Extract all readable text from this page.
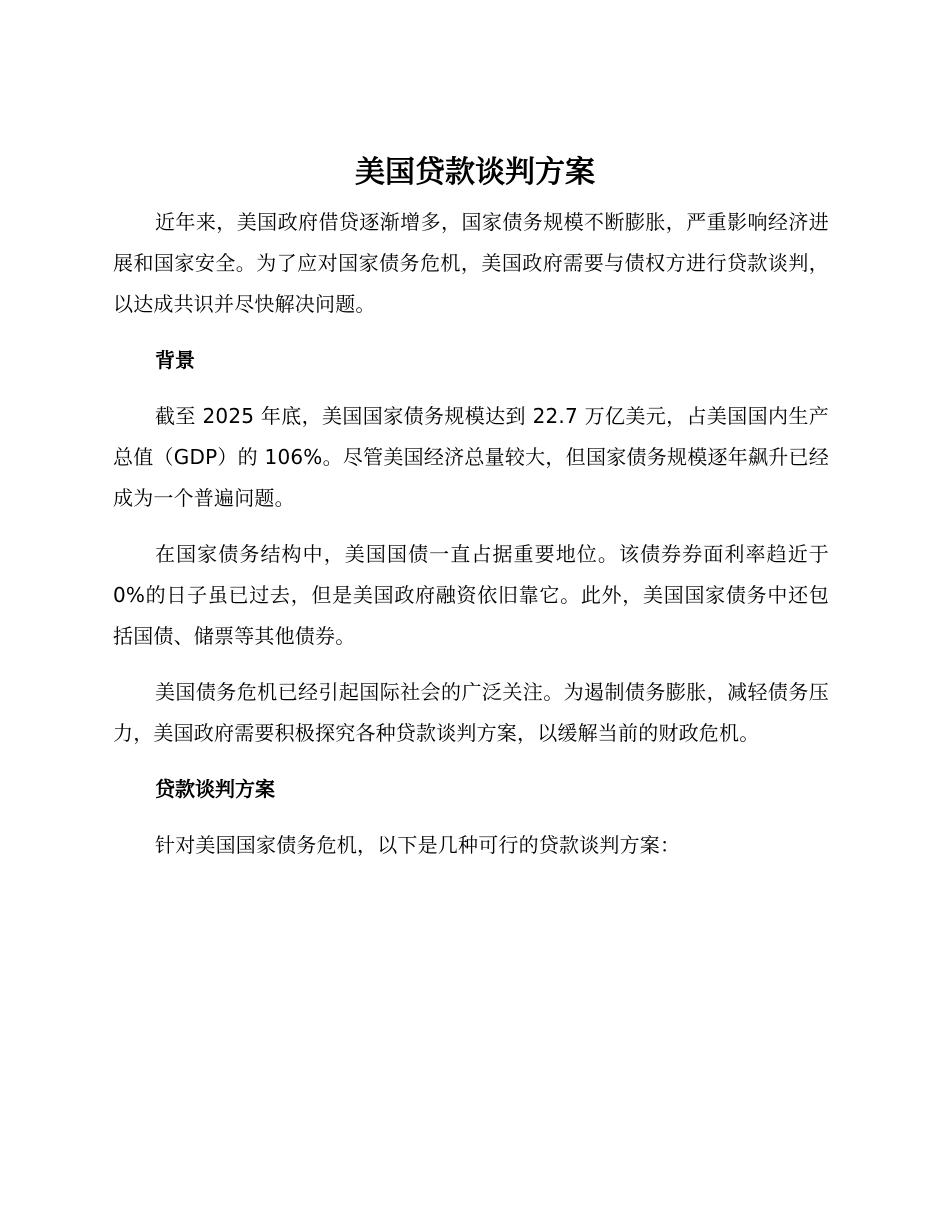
美国贷款谈判方案

近年来，美国政府借贷逐渐增多，国家债务规模不断膨胀，严重影响经济进展和国家安全。为了应对国家债务危机，美国政府需要与债权方进行贷款谈判，以达成共识并尽快解决问题。

背景

截至 2025 年底，美国国家债务规模达到 22.7 万亿美元，占美国国内生产总值（GDP）的 106%。尽管美国经济总量较大，但国家债务规模逐年飙升已经成为一个普遍问题。

在国家债务结构中，美国国债一直占据重要地位。该债券券面利率趋近于 0%的日子虽已过去，但是美国政府融资依旧靠它。此外，美国国家债务中还包括国债、储票等其他债券。

美国债务危机已经引起国际社会的广泛关注。为遏制债务膨胀，减轻债务压力，美国政府需要积极探究各种贷款谈判方案，以缓解当前的财政危机。

贷款谈判方案

针对美国国家债务危机，以下是几种可行的贷款谈判方案：
